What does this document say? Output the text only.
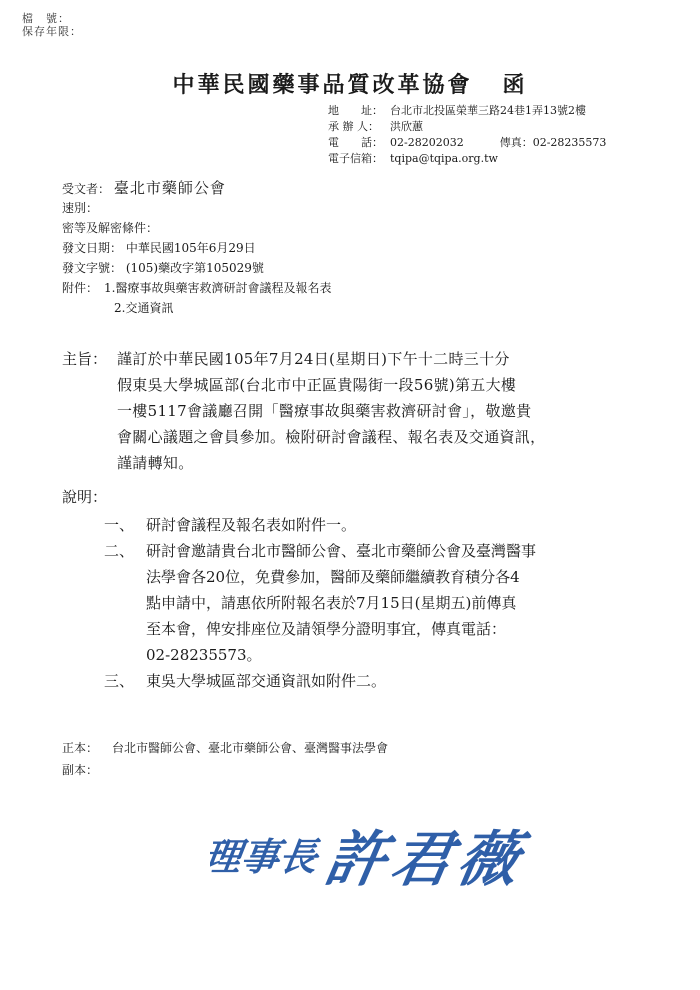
檔　號：
保存年限：
中華民國藥事品質改革協會 函
地　　址： 台北市北投區榮華三路24巷1弄13號2樓
承 辦 人： 洪欣蕙
電　　話： 02-28202032	傳真：02-28235573
電子信箱： tqipa@tqipa.org.tw
受文者： 臺北市藥師公會
速別：
密等及解密條件：
發文日期： 中華民國105年6月29日
發文字號： (105)藥改字第105029號
附件： 1.醫療事故與藥害救濟研討會議程及報名表
2.交通資訊
主旨： 謹訂於中華民國105年7月24日(星期日)下午十二時三十分
假東吳大學城區部(台北市中正區貴陽街一段56號)第五大樓
一樓5117會議廳召開「醫療事故與藥害救濟研討會」，敬邀貴
會關心議題之會員參加。檢附研討會議程、報名表及交通資訊，
謹請轉知。
說明：
一、 研討會議程及報名表如附件一。
二、 研討會邀請貴台北市醫師公會、臺北市藥師公會及臺灣醫事
法學會各20位，免費參加，醫師及藥師繼續教育積分各4
點申請中，請惠依所附報名表於7月15日(星期五)前傳真
至本會，俾安排座位及請領學分證明事宜，傳真電話：
02-28235573。
三、 東吳大學城區部交通資訊如附件二。
正本： 台北市醫師公會、臺北市藥師公會、臺灣醫事法學會
副本：
理事長 許君薇
